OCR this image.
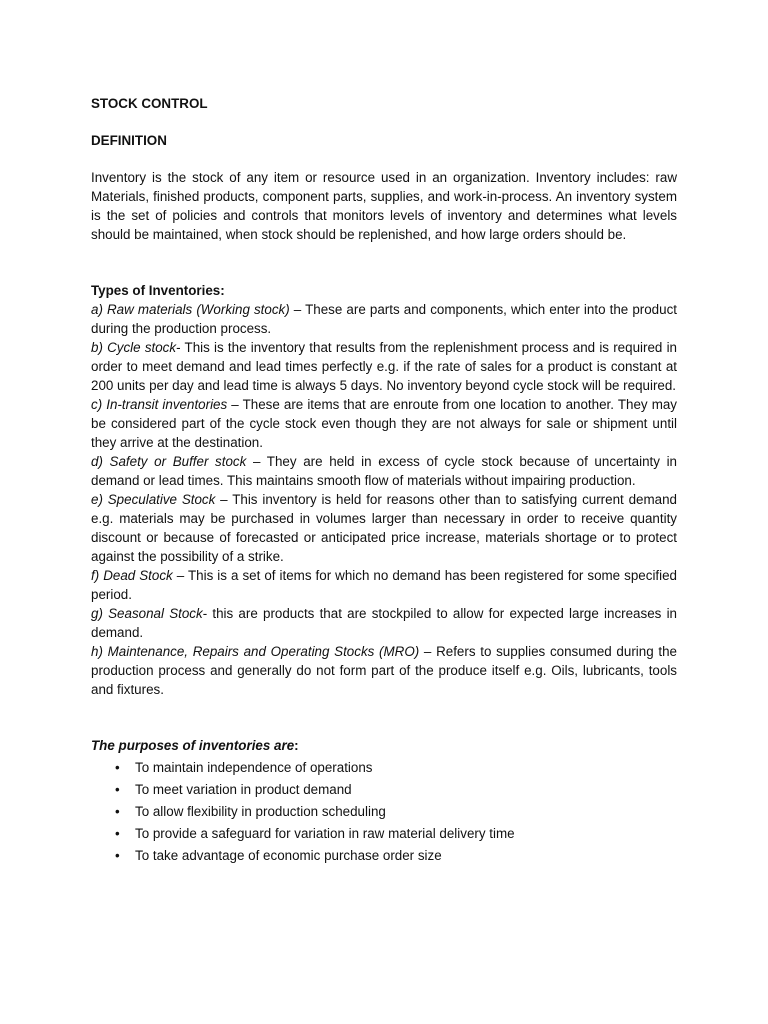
STOCK CONTROL

DEFINITION

Inventory is the stock of any item or resource used in an organization. Inventory includes: raw Materials, finished products, component parts, supplies, and work-in-process. An inventory system is the set of policies and controls that monitors levels of inventory and determines what levels should be maintained, when stock should be replenished, and how large orders should be.

Types of Inventories:

a) Raw materials (Working stock) – These are parts and components, which enter into the product during the production process.

b) Cycle stock- This is the inventory that results from the replenishment process and is required in order to meet demand and lead times perfectly e.g. if the rate of sales for a product is constant at 200 units per day and lead time is always 5 days. No inventory beyond cycle stock will be required.

c) In-transit inventories – These are items that are enroute from one location to another. They may be considered part of the cycle stock even though they are not always for sale or shipment until they arrive at the destination.

d) Safety or Buffer stock – They are held in excess of cycle stock because of uncertainty in demand or lead times. This maintains smooth flow of materials without impairing production.

e) Speculative Stock – This inventory is held for reasons other than to satisfying current demand e.g. materials may be purchased in volumes larger than necessary in order to receive quantity discount or because of forecasted or anticipated price increase, materials shortage or to protect against the possibility of a strike.

f) Dead Stock – This is a set of items for which no demand has been registered for some specified period.

g) Seasonal Stock- this are products that are stockpiled to allow for expected large increases in demand.

h) Maintenance, Repairs and Operating Stocks (MRO) – Refers to supplies consumed during the production process and generally do not form part of the produce itself e.g. Oils, lubricants, tools and fixtures.

The purposes of inventories are:

• To maintain independence of operations
• To meet variation in product demand
• To allow flexibility in production scheduling
• To provide a safeguard for variation in raw material delivery time
• To take advantage of economic purchase order size
